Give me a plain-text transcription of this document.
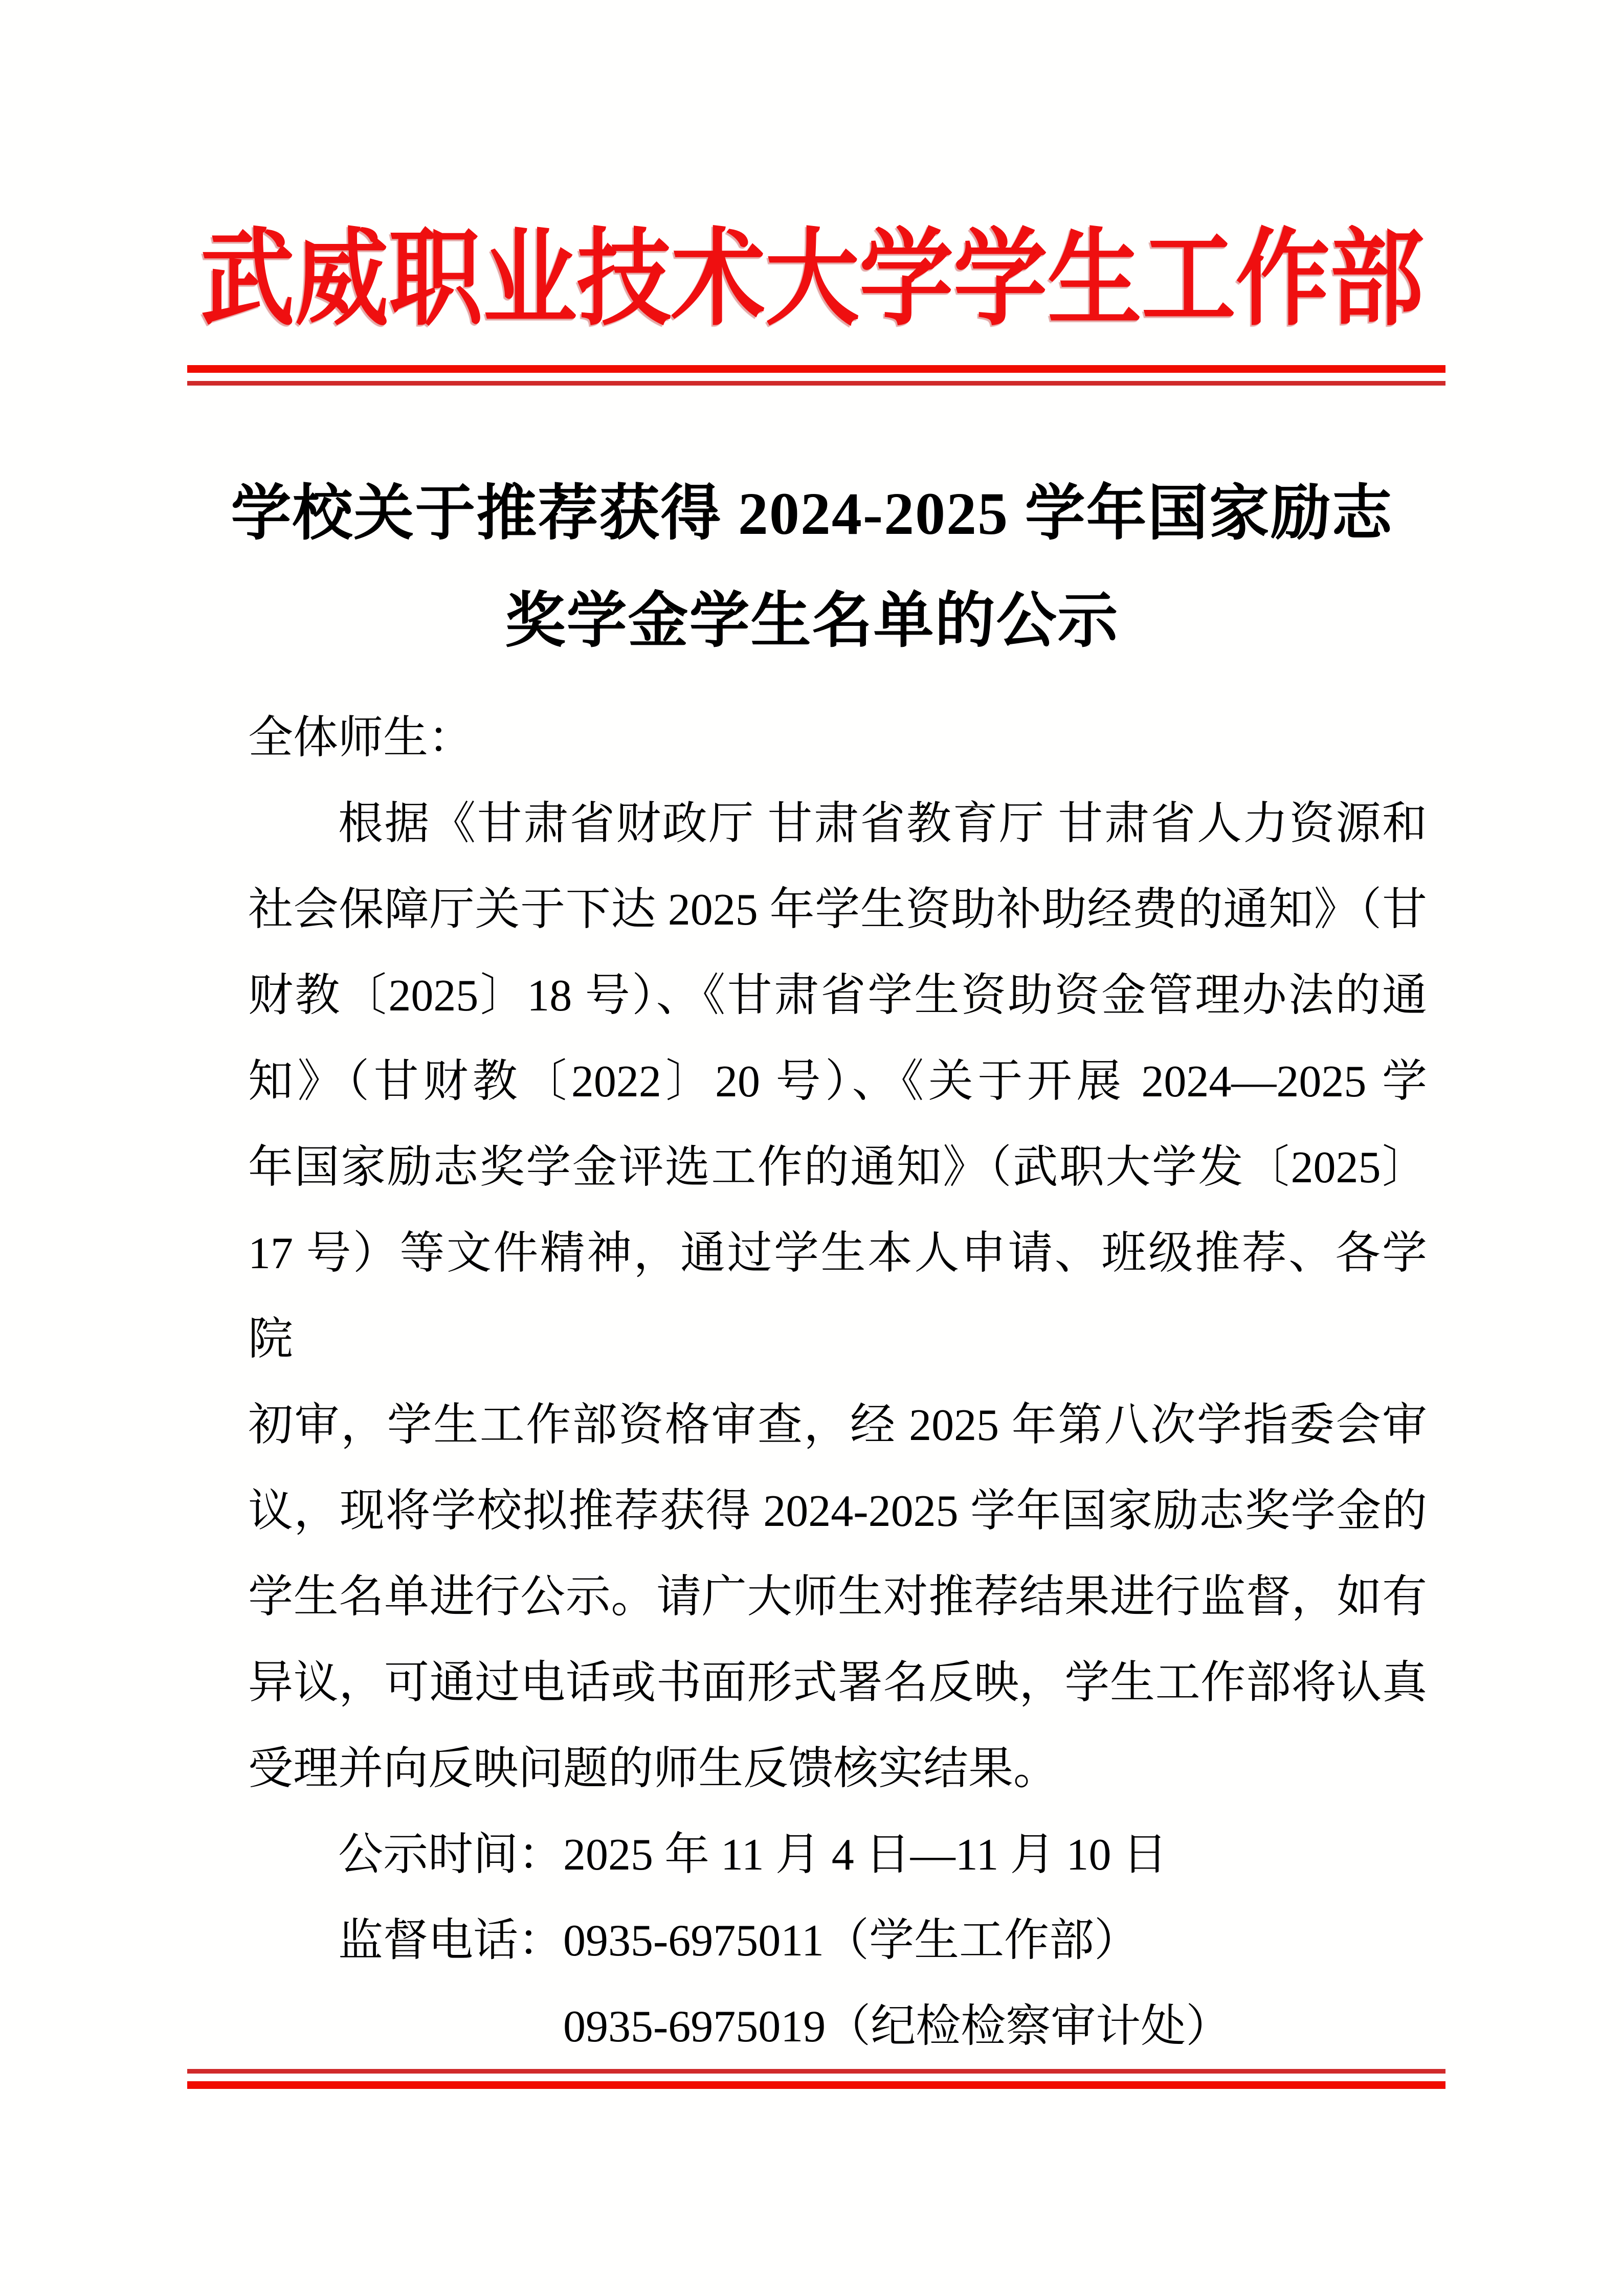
武威职业技术大学学生工作部
学校关于推荐获得 2024-2025 学年国家励志
奖学金学生名单的公示
全体师生：
根据《甘肃省财政厅 甘肃省教育厅 甘肃省人力资源和
社会保障厅关于下达 2025 年学生资助补助经费的通知》（甘
财教〔2025〕18 号）、《甘肃省学生资助资金管理办法的通
知》（甘财教〔2022〕20 号）、《关于开展 2024—2025 学
年国家励志奖学金评选工作的通知》（武职大学发〔2025〕
17 号）等文件精神，通过学生本人申请、班级推荐、各学院
初审，学生工作部资格审查，经 2025 年第八次学指委会审
议，现将学校拟推荐获得 2024-2025 学年国家励志奖学金的
学生名单进行公示。请广大师生对推荐结果进行监督，如有
异议，可通过电话或书面形式署名反映，学生工作部将认真
受理并向反映问题的师生反馈核实结果。
公示时间：2025 年 11 月 4 日—11 月 10 日
监督电话：0935-6975011（学生工作部）
0935-6975019（纪检检察审计处）
